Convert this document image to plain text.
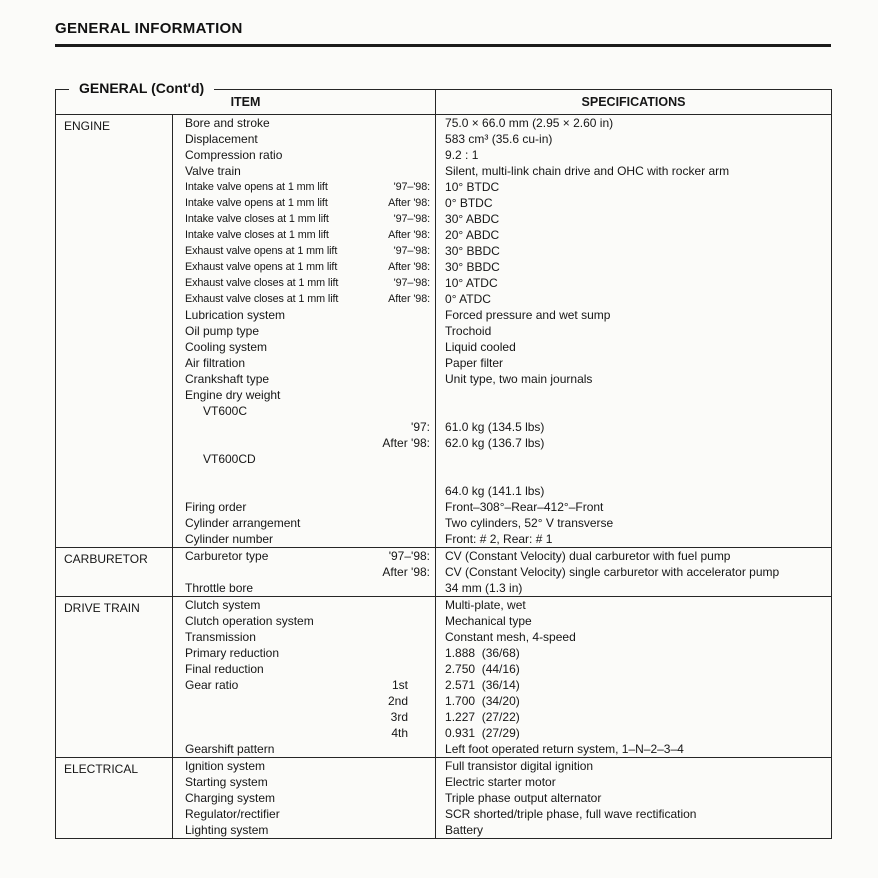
GENERAL INFORMATION
GENERAL (Cont'd)
ITEM		SPECIFICATIONS
ENGINE	Bore and stroke	75.0 × 66.0 mm (2.95 × 2.60 in)

	Displacement	583 cm³ (35.6 cu-in)

	Compression ratio	9.2 : 1

	Valve train	Silent, multi-link chain drive and OHC with rocker arm

	Intake valve opens at 1 mm lift '97–'98:	10° BTDC

	Intake valve opens at 1 mm lift After '98:	0° BTDC

	Intake valve closes at 1 mm lift '97–'98:	30° ABDC

	Intake valve closes at 1 mm lift After '98:	20° ABDC

	Exhaust valve opens at 1 mm lift '97–'98:	30° BBDC

	Exhaust valve opens at 1 mm lift After '98:	30° BBDC

	Exhaust valve closes at 1 mm lift '97–'98:	10° ATDC

	Exhaust valve closes at 1 mm lift After '98:	0° ATDC

	Lubrication system	Forced pressure and wet sump

	Oil pump type	Trochoid

	Cooling system	Liquid cooled

	Air filtration	Paper filter

	Crankshaft type	Unit type, two main journals

	Engine dry weight	

	VT600C	

	'97:	61.0 kg (134.5 lbs)

	After '98:	62.0 kg (136.7 lbs)

	VT600CD	

		64.0 kg (141.1 lbs)

	Firing order	Front–308°–Rear–412°–Front

	Cylinder arrangement	Two cylinders, 52° V transverse

	Cylinder number	Front: # 2, Rear: # 1
CARBURETOR	Carburetor type '97–'98:	CV (Constant Velocity) dual carburetor with fuel pump

	After '98:	CV (Constant Velocity) single carburetor with accelerator pump

	Throttle bore	34 mm (1.3 in)
DRIVE TRAIN	Clutch system	Multi-plate, wet

	Clutch operation system	Mechanical type

	Transmission	Constant mesh, 4-speed

	Primary reduction	1.888  (36/68)

	Final reduction	2.750  (44/16)

	Gear ratio 1st	2.571  (36/14)

	2nd	1.700  (34/20)

	3rd	1.227  (27/22)

	4th	0.931  (27/29)

	Gearshift pattern	Left foot operated return system, 1–N–2–3–4
ELECTRICAL	Ignition system	Full transistor digital ignition

	Starting system	Electric starter motor

	Charging system	Triple phase output alternator

	Regulator/rectifier	SCR shorted/triple phase, full wave rectification

	Lighting system	Battery
